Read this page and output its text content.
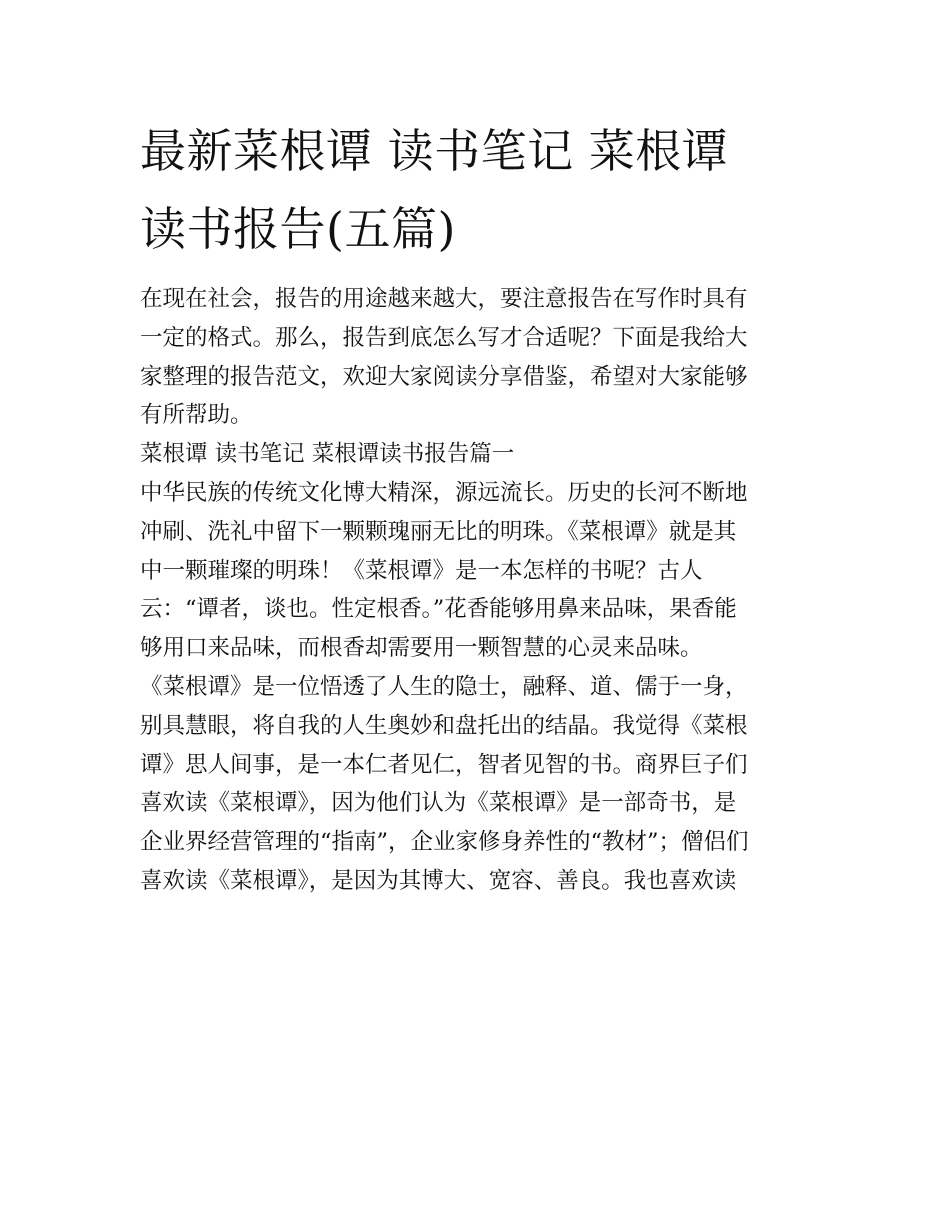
最新菜根谭 读书笔记 菜根谭
读书报告(五篇)
在现在社会，报告的用途越来越大，要注意报告在写作时具有
一定的格式。那么，报告到底怎么写才合适呢？下面是我给大
家整理的报告范文，欢迎大家阅读分享借鉴，希望对大家能够
有所帮助。
菜根谭 读书笔记 菜根谭读书报告篇一
中华民族的传统文化博大精深，源远流长。历史的长河不断地
冲刷、洗礼中留下一颗颗瑰丽无比的明珠。《菜根谭》就是其
中一颗璀璨的明珠！《菜根谭》是一本怎样的书呢？古人
云：“谭者，谈也。性定根香。”花香能够用鼻来品味，果香能
够用口来品味，而根香却需要用一颗智慧的心灵来品味。
《菜根谭》是一位悟透了人生的隐士，融释、道、儒于一身，
别具慧眼，将自我的人生奥妙和盘托出的结晶。我觉得《菜根
谭》思人间事，是一本仁者见仁，智者见智的书。商界巨子们
喜欢读《菜根谭》，因为他们认为《菜根谭》是一部奇书，是
企业界经营管理的“指南”，企业家修身养性的“教材”；僧侣们
喜欢读《菜根谭》，是因为其博大、宽容、善良。我也喜欢读
